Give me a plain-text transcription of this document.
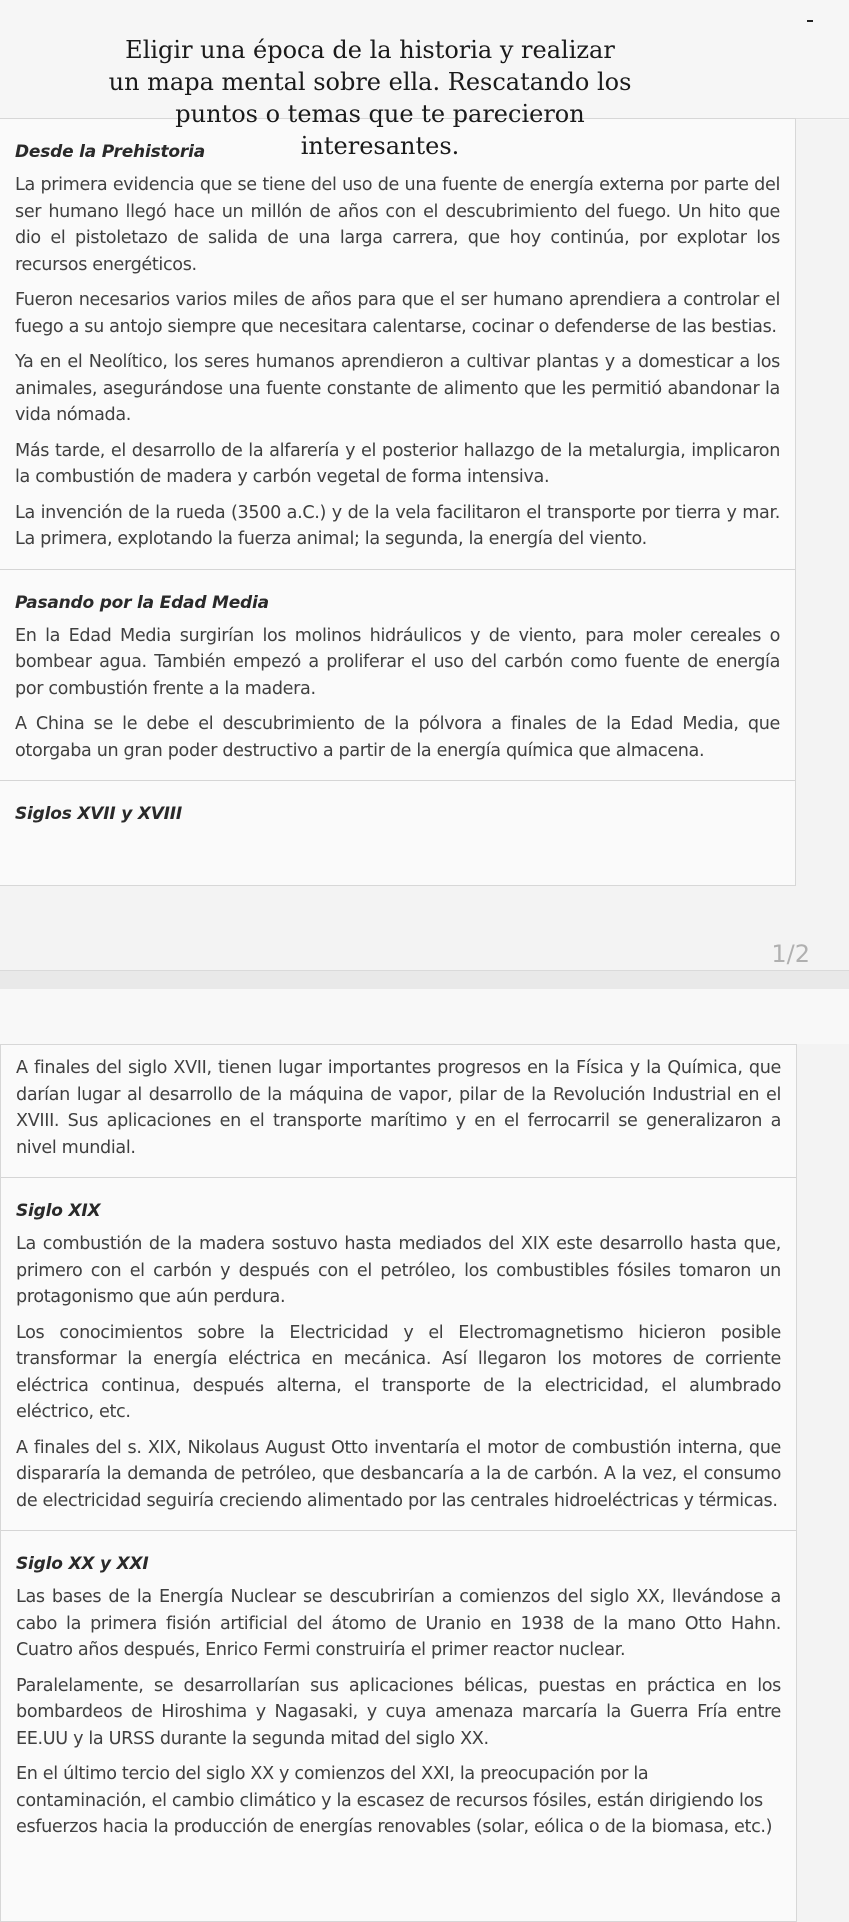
Desde la Prehistoria

La primera evidencia que se tiene del uso de una fuente de energía externa por parte del ser humano llegó hace un millón de años con el descubrimiento del fuego. Un hito que dio el pistoletazo de salida de una larga carrera, que hoy continúa, por explotar los recursos energéticos.

Fueron necesarios varios miles de años para que el ser humano aprendiera a controlar el fuego a su antojo siempre que necesitara calentarse, cocinar o defenderse de las bestias.

Ya en el Neolítico, los seres humanos aprendieron a cultivar plantas y a domesticar a los animales, asegurándose una fuente constante de alimento que les permitió abandonar la vida nómada.

Más tarde, el desarrollo de la alfarería y el posterior hallazgo de la metalurgia, implicaron la combustión de madera y carbón vegetal de forma intensiva.

La invención de la rueda (3500 a.C.) y de la vela facilitaron el transporte por tierra y mar. La primera, explotando la fuerza animal; la segunda, la energía del viento.

Pasando por la Edad Media

En la Edad Media surgirían los molinos hidráulicos y de viento, para moler cereales o bombear agua. También empezó a proliferar el uso del carbón como fuente de energía por combustión frente a la madera.

A China se le debe el descubrimiento de la pólvora a finales de la Edad Media, que otorgaba un gran poder destructivo a partir de la energía química que almacena.

Siglos XVII y XVIII
Eligir una época de la historia y realizar
un mapa mental sobre ella. Rescatando los
puntos o temas que te parecieron
interesantes.
1/2

A finales del siglo XVII, tienen lugar importantes progresos en la Física y la Química, que darían lugar al desarrollo de la máquina de vapor, pilar de la Revolución Industrial en el XVIII. Sus aplicaciones en el transporte marítimo y en el ferrocarril se generalizaron a nivel mundial.

Siglo XIX

La combustión de la madera sostuvo hasta mediados del XIX este desarrollo hasta que, primero con el carbón y después con el petróleo, los combustibles fósiles tomaron un protagonismo que aún perdura.

Los conocimientos sobre la Electricidad y el Electromagnetismo hicieron posible transformar la energía eléctrica en mecánica. Así llegaron los motores de corriente eléctrica continua, después alterna, el transporte de la electricidad, el alumbrado eléctrico, etc.

A finales del s. XIX, Nikolaus August Otto inventaría el motor de combustión interna, que dispararía la demanda de petróleo, que desbancaría a la de carbón. A la vez, el consumo de electricidad seguiría creciendo alimentado por las centrales hidroeléctricas y térmicas.

Siglo XX y XXI

Las bases de la Energía Nuclear se descubrirían a comienzos del siglo XX, llevándose a cabo la primera fisión artificial del átomo de Uranio en 1938 de la mano Otto Hahn. Cuatro años después, Enrico Fermi construiría el primer reactor nuclear.

Paralelamente, se desarrollarían sus aplicaciones bélicas, puestas en práctica en los bombardeos de Hiroshima y Nagasaki, y cuya amenaza marcaría la Guerra Fría entre EE.UU y la URSS durante la segunda mitad del siglo XX.

En el último tercio del siglo XX y comienzos del XXI, la preocupación por la contaminación, el cambio climático y la escasez de recursos fósiles, están dirigiendo los esfuerzos hacia la producción de energías renovables (solar, eólica o de la biomasa, etc.)
